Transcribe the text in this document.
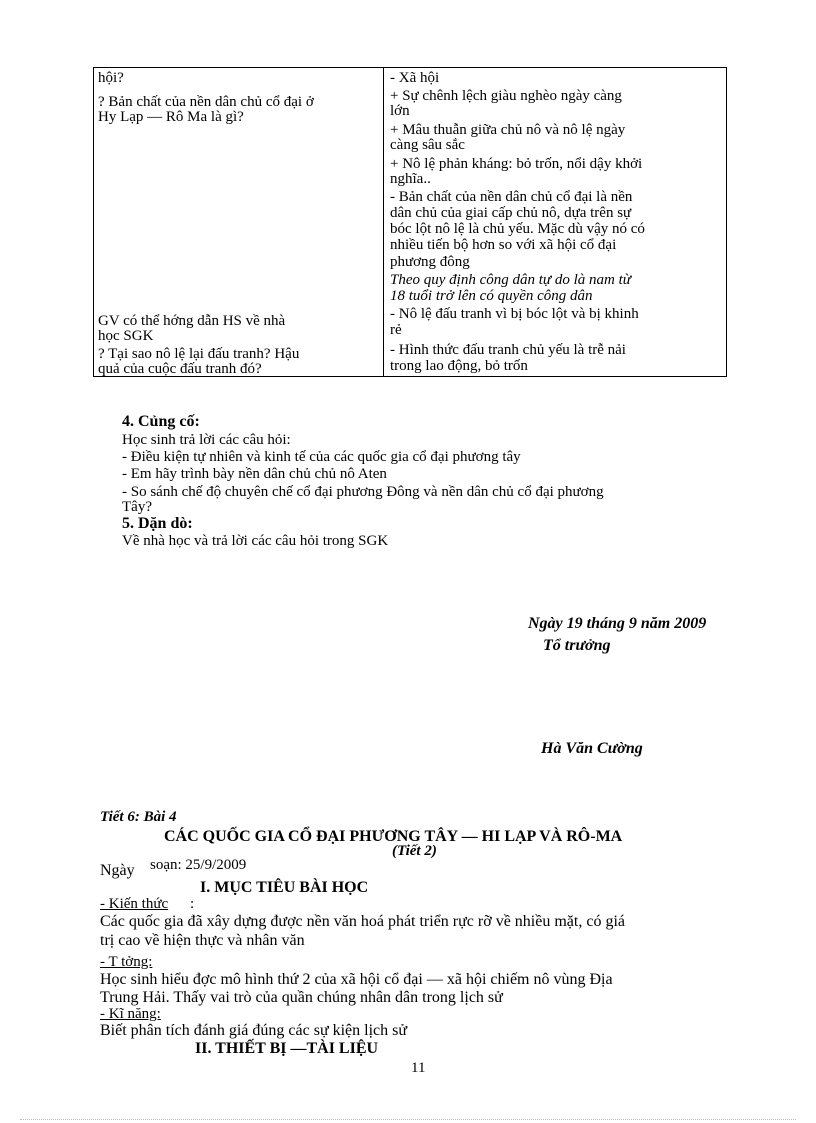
hội?
? Bản chất của nền dân chủ cổ đại ở
Hy Lạp — Rô Ma là gì?
GV có thể hớng dẫn HS về nhà
học SGK
? Tại sao nô lệ lại đấu tranh? Hậu
quả của cuộc đấu tranh đó?
- Xã hội
+ Sự chênh lệch giàu nghèo ngày càng
lớn
+ Mâu thuẫn giữa chủ nô và nô lệ ngày
càng sâu sắc
+ Nô lệ phản kháng: bỏ trốn, nổi dậy khởi
nghĩa..
- Bản chất của nền dân chủ cổ đại là nền
dân chủ của giai cấp chủ nô, dựa trên sự
bóc lột nô lệ là chủ yếu. Mặc dù vậy nó có
nhiều tiến bộ hơn so với xã hội cổ đại
phương đông
Theo quy định công dân tự do là nam từ
18 tuổi trở lên có quyền công dân
- Nô lệ đấu tranh vì bị bóc lột và bị khinh
rẻ
- Hình thức đấu tranh chủ yếu là trễ nải
trong lao động, bỏ trốn
4. Củng cố:
Học sinh trả lời các câu hỏi:
- Điều kiện tự nhiên và kinh tế của các quốc gia cổ đại phương tây
- Em hãy trình bày nền dân chủ chủ nô Aten
- So sánh chế độ chuyên chế cổ đại phương Đông và nền dân chủ cổ đại phương
Tây?
5. Dặn dò:
Về nhà học và trả lời các câu hỏi trong SGK
Ngày 19 tháng 9 năm 2009
Tổ trưởng
Hà Văn Cường
Tiết 6: Bài 4
CÁC QUỐC GIA CỔ ĐẠI PHƯƠNG TÂY — HI LẠP VÀ RÔ-MA
(Tiết 2)
Ngày soạn: 25/9/2009
I. MỤC TIÊU BÀI HỌC
- Kiến thức :
Các quốc gia đã xây dựng được nền văn hoá phát triển rực rỡ về nhiều mặt, có giá
trị cao về hiện thực và nhân văn
- T tởng:
Học sinh hiểu đợc mô hình thứ 2 của xã hội cổ đại — xã hội chiếm nô vùng Địa
Trung Hải. Thấy vai trò của quần chúng nhân dân trong lịch sử
- Kĩ năng:
Biết phân tích đánh giá đúng các sự kiện lịch sử
II. THIẾT BỊ —TÀI LIỆU
11
